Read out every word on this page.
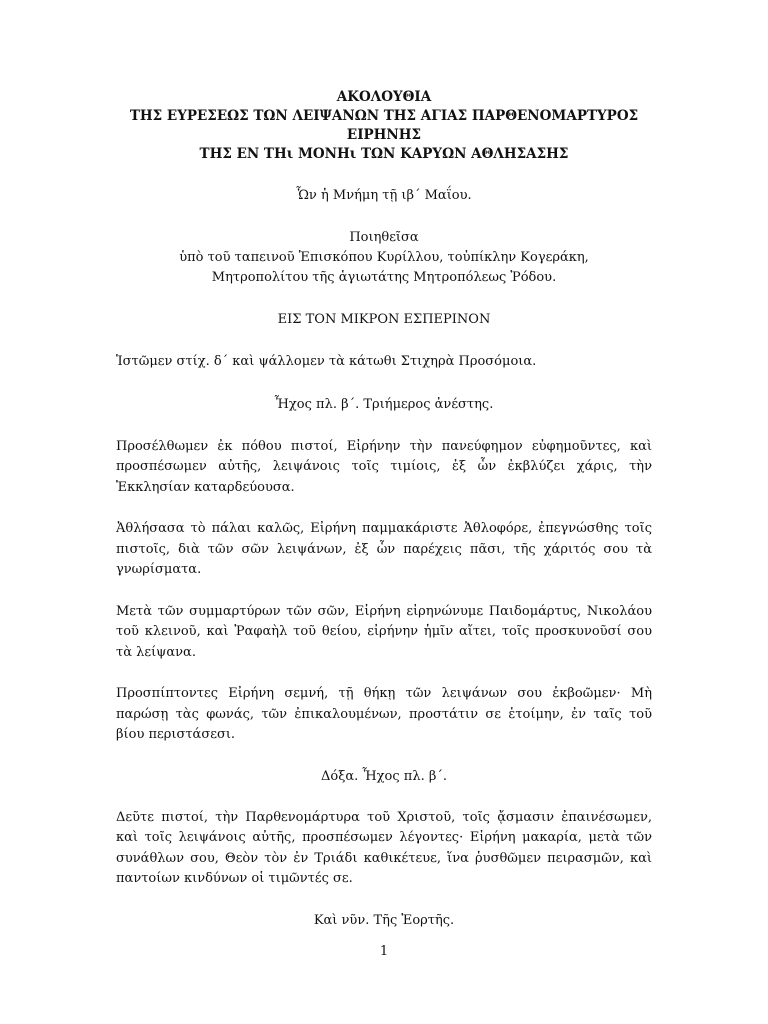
ΑΚΟΛΟΥΘΙΑ

ΤΗΣ ΕΥΡΕΣΕΩΣ ΤΩΝ ΛΕΙΨΑΝΩΝ ΤΗΣ ΑΓΙΑΣ ΠΑΡΘΕΝΟΜΑΡΤΥΡΟΣ

ΕΙΡΗΝΗΣ

ΤΗΣ ΕΝ ΤΗι ΜΟΝΗι ΤΩΝ ΚΑΡΥΩΝ ΑΘΛΗΣΑΣΗΣ

Ὧν ἡ Μνήμη τῇ ιβ΄ Μαΐου.

Ποιηθεῖσα

ὑπὸ τοῦ ταπεινοῦ Ἐπισκόπου Κυρίλλου, τοὐπίκλην Κογεράκη,

Μητροπολίτου τῆς ἁγιωτάτης Μητροπόλεως Ῥόδου.

ΕΙΣ ΤΟΝ ΜΙΚΡΟΝ ΕΣΠΕΡΙΝΟΝ

Ἱστῶμεν στίχ. δ΄ καὶ ψάλλομεν τὰ κάτωθι Στιχηρὰ Προσόμοια.

Ἦχος πλ. β΄. Τριήμερος ἀνέστης.

Προσέλθωμεν ἐκ πόθου πιστοί, Εἰρήνην τὴν πανεύφημον εὐφημοῦντες, καὶ προσπέσωμεν αὐτῆς, λειψάνοις τοῖς τιμίοις, ἐξ ὧν ἐκβλύζει χάρις, τὴν Ἐκκλησίαν καταρδεύουσα.

Ἀθλήσασα τὸ πάλαι καλῶς, Εἰρήνη παμμακάριστε Ἀθλοφόρε, ἐπεγνώσθης τοῖς πιστοῖς, διὰ τῶν σῶν λειψάνων, ἐξ ὧν παρέχεις πᾶσι, τῆς χάριτός σου τὰ γνωρίσματα.

Μετὰ τῶν συμμαρτύρων τῶν σῶν, Εἰρήνη εἰρηνώνυμε Παιδομάρτυς, Νικολάου τοῦ κλεινοῦ, καὶ Ῥαφαὴλ τοῦ θείου, εἰρήνην ἡμῖν αἴτει, τοῖς προσκυνοῦσί σου τὰ λείψανα.

Προσπίπτοντες Εἰρήνη σεμνή, τῇ θήκῃ τῶν λειψάνων σου ἐκβοῶμεν· Μὴ παρώσῃ τὰς φωνάς, τῶν ἐπικαλουμένων, προστάτιν σε ἑτοίμην, ἐν ταῖς τοῦ βίου περιστάσεσι.

Δόξα. Ἦχος πλ. β΄.

Δεῦτε πιστοί, τὴν Παρθενομάρτυρα τοῦ Χριστοῦ, τοῖς ᾄσμασιν ἐπαινέσωμεν, καὶ τοῖς λειψάνοις αὐτῆς, προσπέσωμεν λέγοντες· Εἰρήνη μακαρία, μετὰ τῶν συνάθλων σου, Θεὸν τὸν ἐν Τριάδι καθικέτευε, ἵνα ῥυσθῶμεν πειρασμῶν, καὶ παντοίων κινδύνων οἱ τιμῶντές σε.

Καὶ νῦν. Τῆς Ἑορτῆς.

1
